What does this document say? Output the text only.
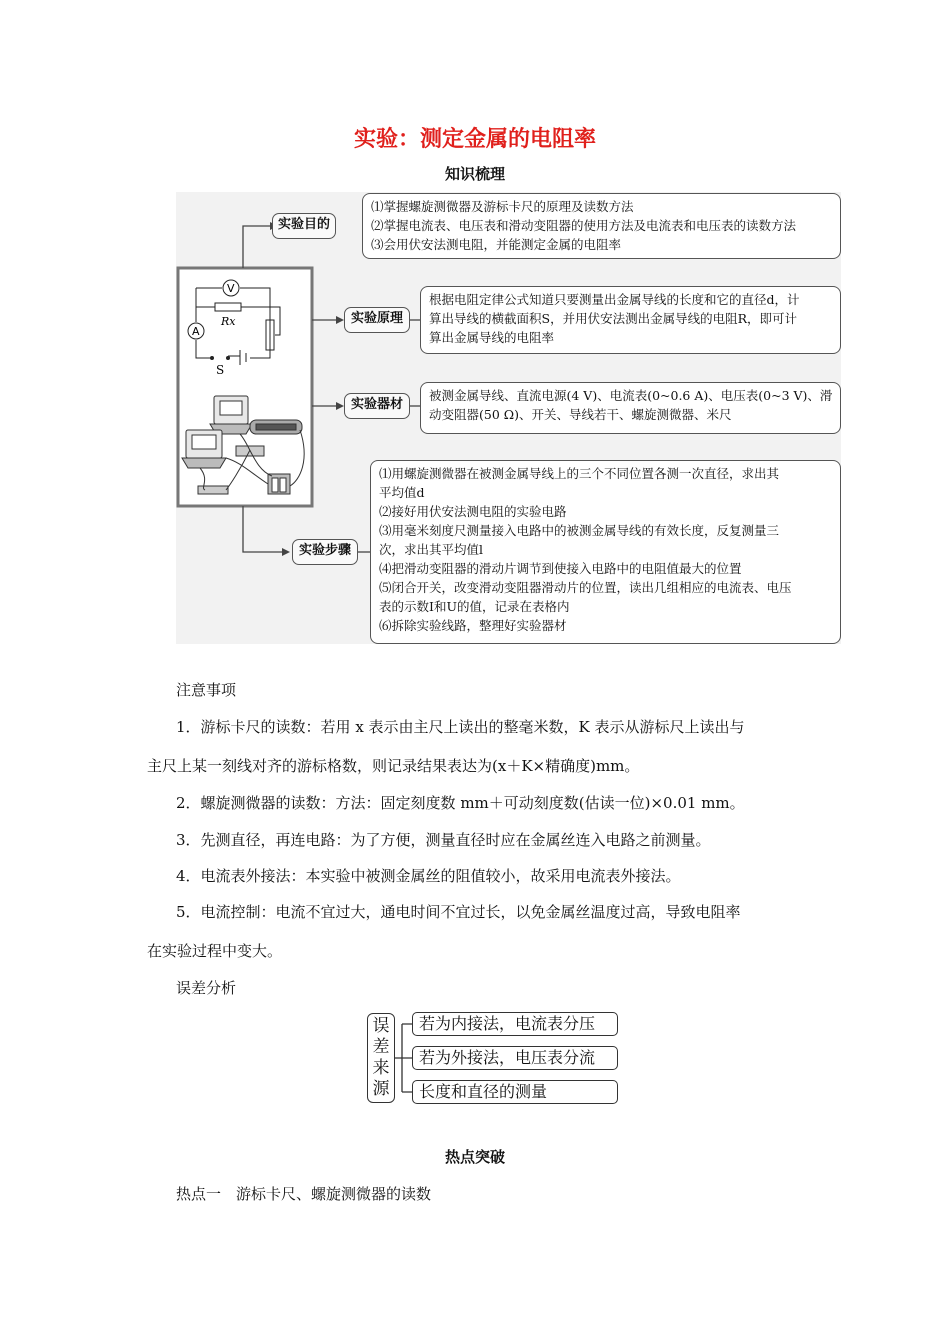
实验：测定金属的电阻率
知识梳理
V
A
Rx
S
实验目的
实验原理
实验器材
实验步骤
⑴掌握螺旋测微器及游标卡尺的原理及读数方法
⑵掌握电流表、电压表和滑动变阻器的使用方法及电流表和电压表的读数方法
⑶会用伏安法测电阻，并能测定金属的电阻率
根据电阻定律公式知道只要测量出金属导线的长度和它的直径d，计
算出导线的横截面积S，并用伏安法测出金属导线的电阻R，即可计
算出金属导线的电阻率
被测金属导线、直流电源(4 V)、电流表(0~0.6 A)、电压表(0~3 V)、滑
动变阻器(50 Ω)、开关、导线若干、螺旋测微器、米尺
⑴用螺旋测微器在被测金属导线上的三个不同位置各测一次直径，求出其
平均值d
⑵接好用伏安法测电阻的实验电路
⑶用毫米刻度尺测量接入电路中的被测金属导线的有效长度，反复测量三
次，求出其平均值l
⑷把滑动变阻器的滑动片调节到使接入电路中的电阻值最大的位置
⑸闭合开关，改变滑动变阻器滑动片的位置，读出几组相应的电流表、电压
表的示数I和U的值，记录在表格内
⑹拆除实验线路，整理好实验器材
注意事项
1．游标卡尺的读数：若用 x 表示由主尺上读出的整毫米数，K 表示从游标尺上读出与
主尺上某一刻线对齐的游标格数，则记录结果表达为(x＋K×精确度)mm。
2．螺旋测微器的读数：方法：固定刻度数 mm＋可动刻度数(估读一位)×0.01 mm。
3．先测直径，再连电路：为了方便，测量直径时应在金属丝连入电路之前测量。
4．电流表外接法：本实验中被测金属丝的阻值较小，故采用电流表外接法。
5．电流控制：电流不宜过大，通电时间不宜过长，以免金属丝温度过高，导致电阻率
在实验过程中变大。
误差分析
误
差
来
源
若为内接法，电流表分压
若为外接法，电压表分流
长度和直径的测量
热点突破
热点一　游标卡尺、螺旋测微器的读数
